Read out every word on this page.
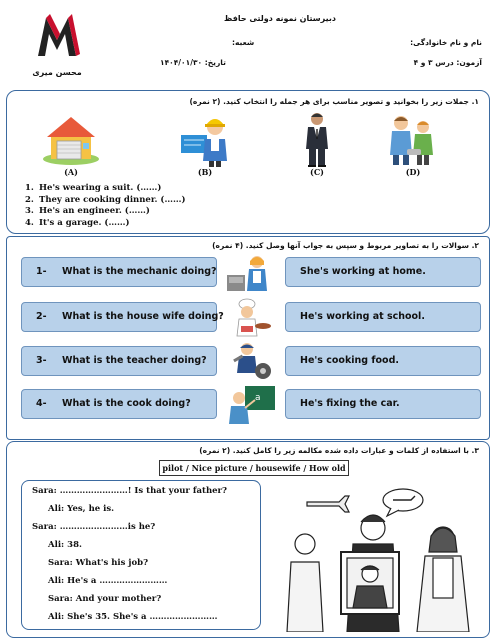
محسن میری
دبیرستان نمونه دولتی حافظ
نام و نام خانوادگی:
شعبه:
آزمون: درس ۳ و ۴
تاریخ: ۱۴۰۴/۰۱/۳۰
۱. جملات زیر را بخوانید و تصویر مناسب برای هر جمله را انتخاب کنید. (۲ نمره)
(A)	(B)	(C)	(D)
1. He's wearing a suit. (……)
2. They are cooking dinner. (……)
3. He's an engineer. (……)
4. It's a garage. (……)
۲. سوالات را به تصاویر مربوط و سپس به جواب آنها وصل کنید. (۴ نمره)
1- What is the mechanic doing?
2- What is the house wife doing?
3- What is the teacher doing?
4- What is the cook doing?	a
She's working at home.
He's working at school.
He's cooking food.
He's fixing the car.
۳. با استفاده از کلمات و عبارات داده شده مکالمه زیر را کامل کنید. (۲ نمره)
pilot / Nice picture / housewife / How old
Sara: ……………………! Is that your father?
Ali: Yes, he is.
Sara: ……………………is he?
Ali: 38.
Sara: What's his job?
Ali: He's a ……………………
Sara: And your mother?
Ali: She's 35. She's a ……………………
